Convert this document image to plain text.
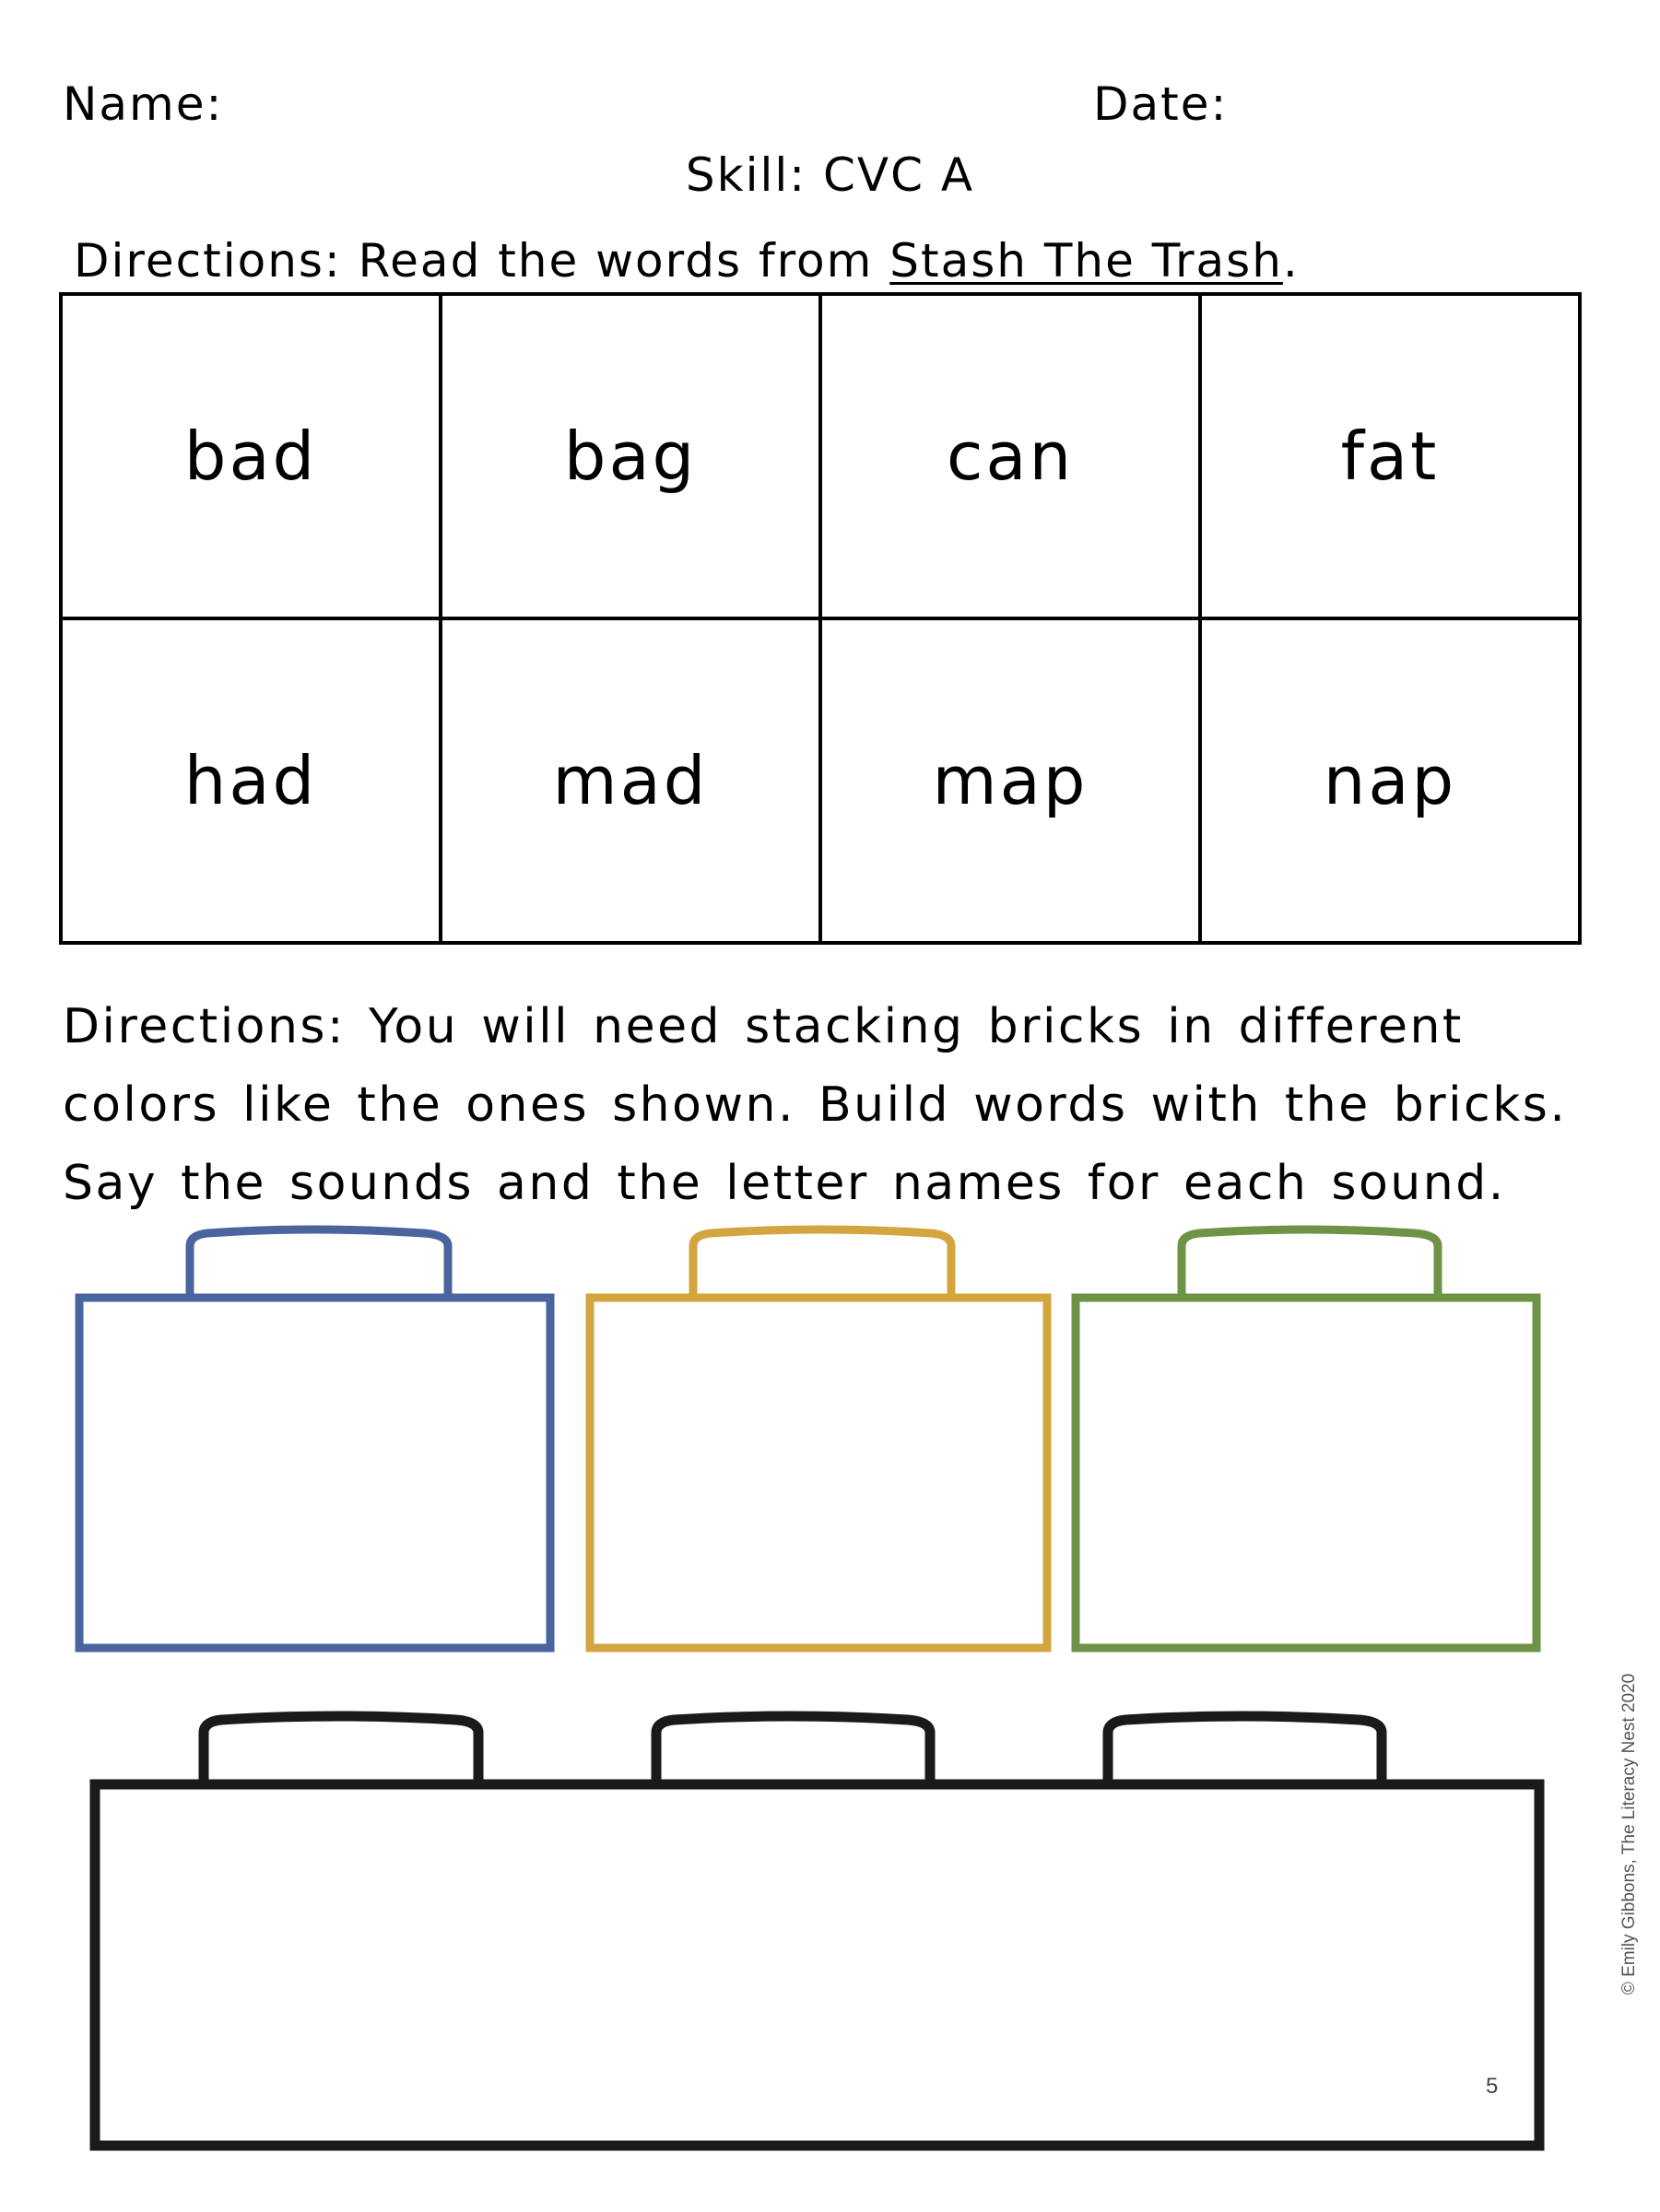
Name:	Date:
Skill: CVC A
Directions: Read the words from Stash The Trash.
bad	bag	can	fat
had	mad	map	nap
Directions: You will need stacking bricks in different colors like the ones shown. Build words with the bricks. Say the sounds and the letter names for each sound.
© Emily Gibbons, The Literacy Nest 2020
5
